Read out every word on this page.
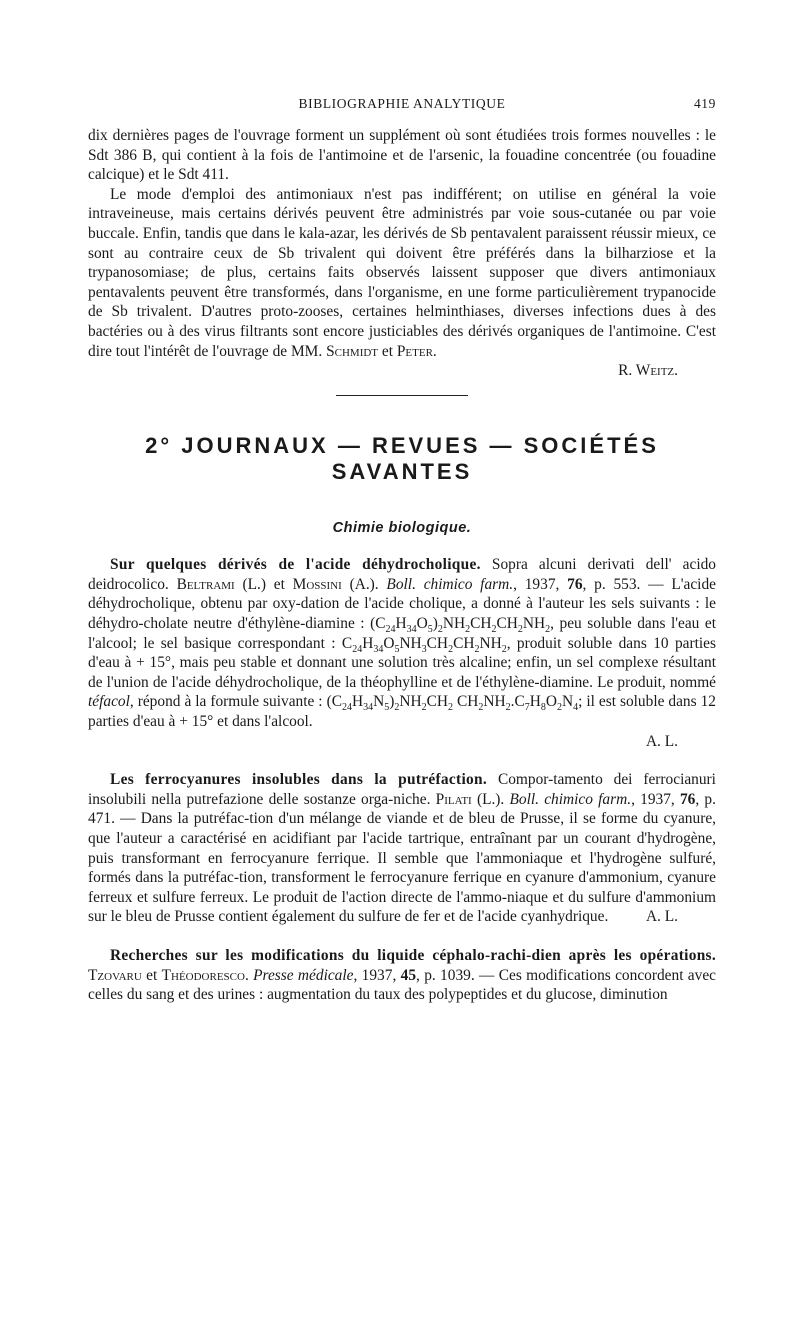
BIBLIOGRAPHIE ANALYTIQUE	419

dix dernières pages de l'ouvrage forment un supplément où sont étudiées trois formes nouvelles : le Sdt 386 B, qui contient à la fois de l'antimoine et de l'arsenic, la fouadine concentrée (ou fouadine calcique) et le Sdt 411.

Le mode d'emploi des antimoniaux n'est pas indifférent; on utilise en général la voie intraveineuse, mais certains dérivés peuvent être administrés par voie sous-cutanée ou par voie buccale. Enfin, tandis que dans le kala-azar, les dérivés de Sb pentavalent paraissent réussir mieux, ce sont au contraire ceux de Sb trivalent qui doivent être préférés dans la bilharziose et la trypanosomiase; de plus, certains faits observés laissent supposer que divers antimoniaux pentavalents peuvent être transformés, dans l'organisme, en une forme particulièrement trypanocide de Sb trivalent. D'autres proto-zooses, certaines helminthiases, diverses infections dues à des bactéries ou à des virus filtrants sont encore justiciables des dérivés organiques de l'antimoine. C'est dire tout l'intérêt de l'ouvrage de MM. Schmidt et Peter.

R. Weitz.
2° JOURNAUX — REVUES — SOCIÉTÉS SAVANTES
Chimie biologique.

Sur quelques dérivés de l'acide déhydrocholique. Sopra alcuni derivati dell' acido deidrocolico. Beltrami (L.) et Mossini (A.). Boll. chimico farm., 1937, 76, p. 553. — L'acide déhydrocholique, obtenu par oxy-dation de l'acide cholique, a donné à l'auteur les sels suivants : le déhydro-cholate neutre d'éthylène-diamine : $(C_{24}H_{34}O_5)_2NH_2CH_2CH_2NH_2$, peu soluble dans l'eau et l'alcool; le sel basique correspondant : $C_{24}H_{34}O_5NH_3CH_2CH_2NH_2$, produit soluble dans 10 parties d'eau à + 15°, mais peu stable et donnant une solution très alcaline; enfin, un sel complexe résultant de l'union de l'acide déhydrocholique, de la théophylline et de l'éthylène-diamine. Le produit, nommé téfacol, répond à la formule suivante : $(C_{24}H_{34}N_5)_2NH_2CH_2$ $CH_2NH_2.C_7H_8O_2N_4$; il est soluble dans 12 parties d'eau à + 15° et dans l'alcool.

A. L.

Les ferrocyanures insolubles dans la putréfaction. Compor-tamento dei ferrocianuri insolubili nella putrefazione delle sostanze orga-niche. Pilati (L.). Boll. chimico farm., 1937, 76, p. 471. — Dans la putréfac-tion d'un mélange de viande et de bleu de Prusse, il se forme du cyanure, que l'auteur a caractérisé en acidifiant par l'acide tartrique, entraînant par un courant d'hydrogène, puis transformant en ferrocyanure ferrique. Il semble que l'ammoniaque et l'hydrogène sulfuré, formés dans la putréfac-tion, transforment le ferrocyanure ferrique en cyanure d'ammonium, cyanure ferreux et sulfure ferreux. Le produit de l'action directe de l'ammo-niaque et du sulfure d'ammonium sur le bleu de Prusse contient également du sulfure de fer et de l'acide cyanhydrique.	A. L.

Recherches sur les modifications du liquide céphalo-rachi-dien après les opérations. Tzovaru et Théodoresco. Presse médicale, 1937, 45, p. 1039. — Ces modifications concordent avec celles du sang et des urines : augmentation du taux des polypeptides et du glucose, diminution
